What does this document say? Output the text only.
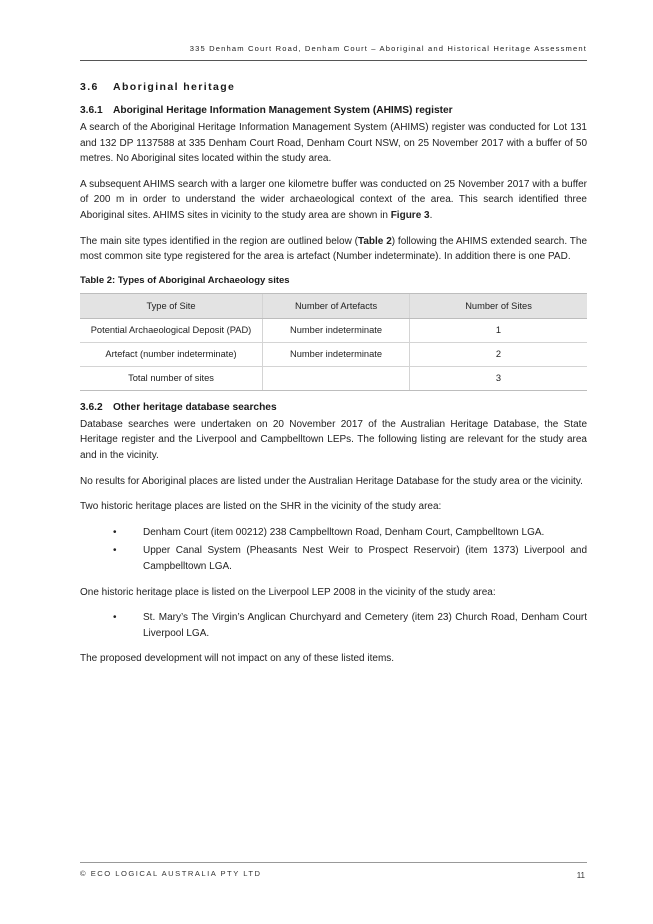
335 Denham Court Road, Denham Court – Aboriginal and Historical Heritage Assessment
3.6	Aboriginal heritage
3.6.1	Aboriginal Heritage Information Management System (AHIMS) register

A search of the Aboriginal Heritage Information Management System (AHIMS) register was conducted for Lot 131 and 132 DP 1137588 at 335 Denham Court Road, Denham Court NSW, on 25 November 2017 with a buffer of 50 metres. No Aboriginal sites located within the study area.

A subsequent AHIMS search with a larger one kilometre buffer was conducted on 25 November 2017 with a buffer of 200 m in order to understand the wider archaeological context of the area. This search identified three Aboriginal sites. AHIMS sites in vicinity to the study area are shown in Figure 3.

The main site types identified in the region are outlined below (Table 2) following the AHIMS extended search. The most common site type registered for the area is artefact (Number indeterminate). In addition there is one PAD.

Table 2: Types of Aboriginal Archaeology sites
Type of Site	Number of Artefacts	Number of Sites
Potential Archaeological Deposit (PAD)	Number indeterminate	1
Artefact (number indeterminate)	Number indeterminate	2
Total number of sites		3
3.6.2	Other heritage database searches

Database searches were undertaken on 20 November 2017 of the Australian Heritage Database, the State Heritage register and the Liverpool and Campbelltown LEPs. The following listing are relevant for the study area and in the vicinity.

No results for Aboriginal places are listed under the Australian Heritage Database for the study area or the vicinity.

Two historic heritage places are listed on the SHR in the vicinity of the study area:

•	Denham Court (item 00212) 238 Campbelltown Road, Denham Court, Campbelltown LGA.
•	Upper Canal System (Pheasants Nest Weir to Prospect Reservoir) (item 1373) Liverpool and Campbelltown LGA.

One historic heritage place is listed on the Liverpool LEP 2008 in the vicinity of the study area:

•	St. Mary’s The Virgin’s Anglican Churchyard and Cemetery (item 23) Church Road, Denham Court Liverpool LGA.

The proposed development will not impact on any of these listed items.

© ECO LOGICAL AUSTRALIA PTY LTD	11
